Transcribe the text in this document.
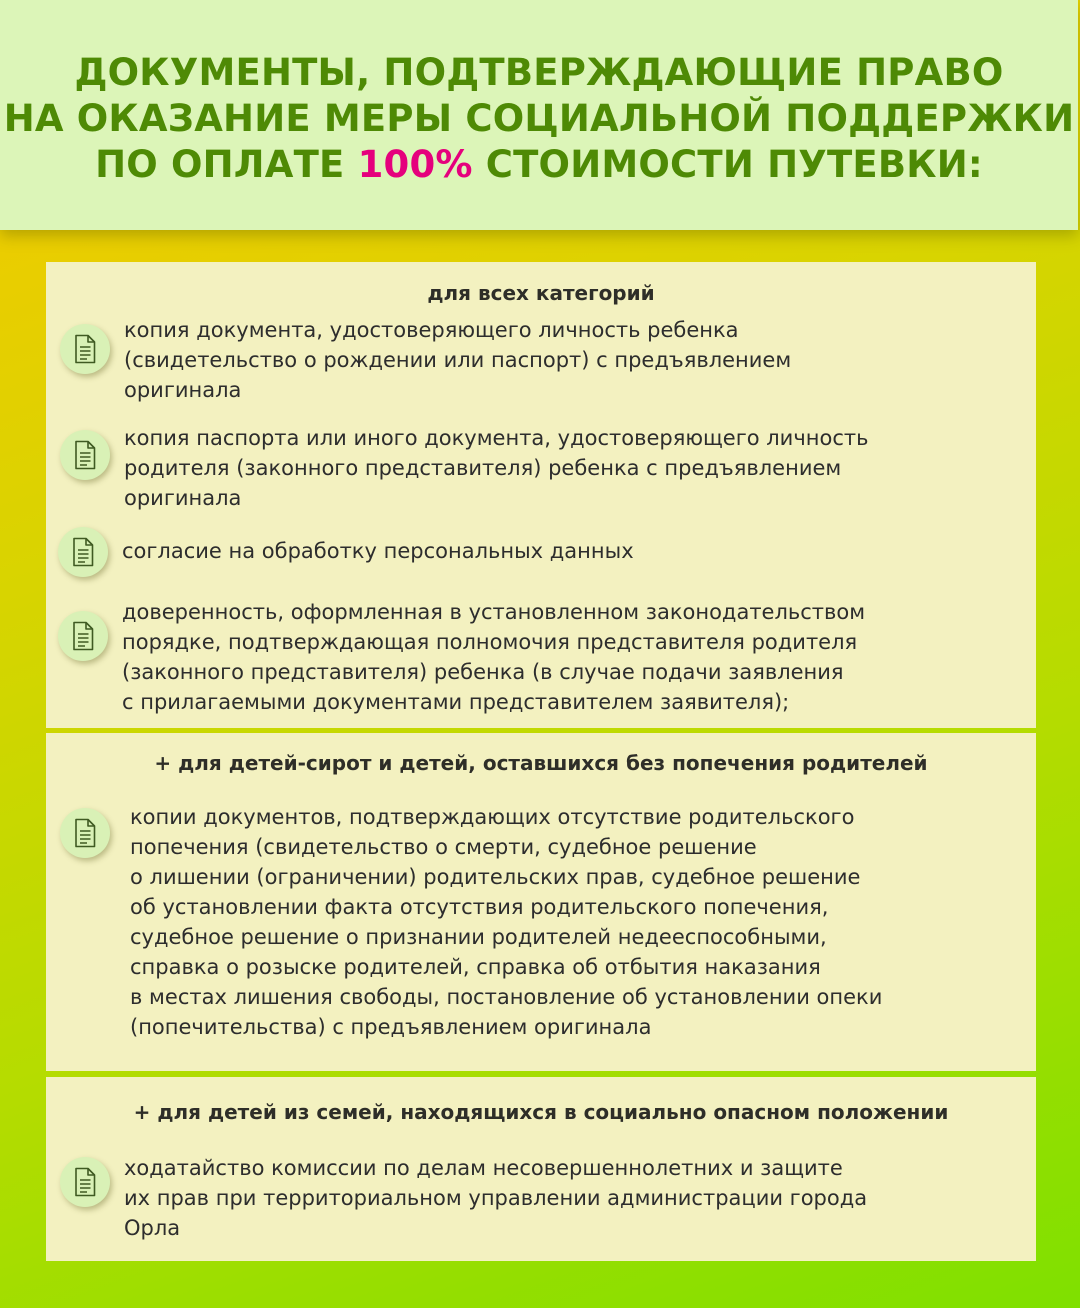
ДОКУМЕНТЫ, ПОДТВЕРЖДАЮЩИЕ ПРАВО
НА ОКАЗАНИЕ МЕРЫ СОЦИАЛЬНОЙ ПОДДЕРЖКИ
ПО ОПЛАТЕ 100% СТОИМОСТИ ПУТЕВКИ:
для всех категорий
копия документа, удостоверяющего личность ребенка
(свидетельство о рождении или паспорт) с предъявлением
оригинала
копия паспорта или иного документа, удостоверяющего личность
родителя (законного представителя) ребенка с предъявлением
оригинала
согласие на обработку персональных данных
доверенность, оформленная в установленном законодательством
порядке, подтверждающая полномочия представителя родителя
(законного представителя) ребенка (в случае подачи заявления
с прилагаемыми документами представителем заявителя);
+ для детей-сирот и детей, оставшихся без попечения родителей
копии документов, подтверждающих отсутствие родительского
попечения (свидетельство о смерти, судебное решение
о лишении (ограничении) родительских прав, судебное решение
об установлении факта отсутствия родительского попечения,
судебное решение о признании родителей недееспособными,
справка о розыске родителей, справка об отбытия наказания
в местах лишения свободы, постановление об установлении опеки
(попечительства) с предъявлением оригинала
+ для детей из семей, находящихся в социально опасном положении
ходатайство комиссии по делам несовершеннолетних и защите
их прав при территориальном управлении администрации города
Орла
